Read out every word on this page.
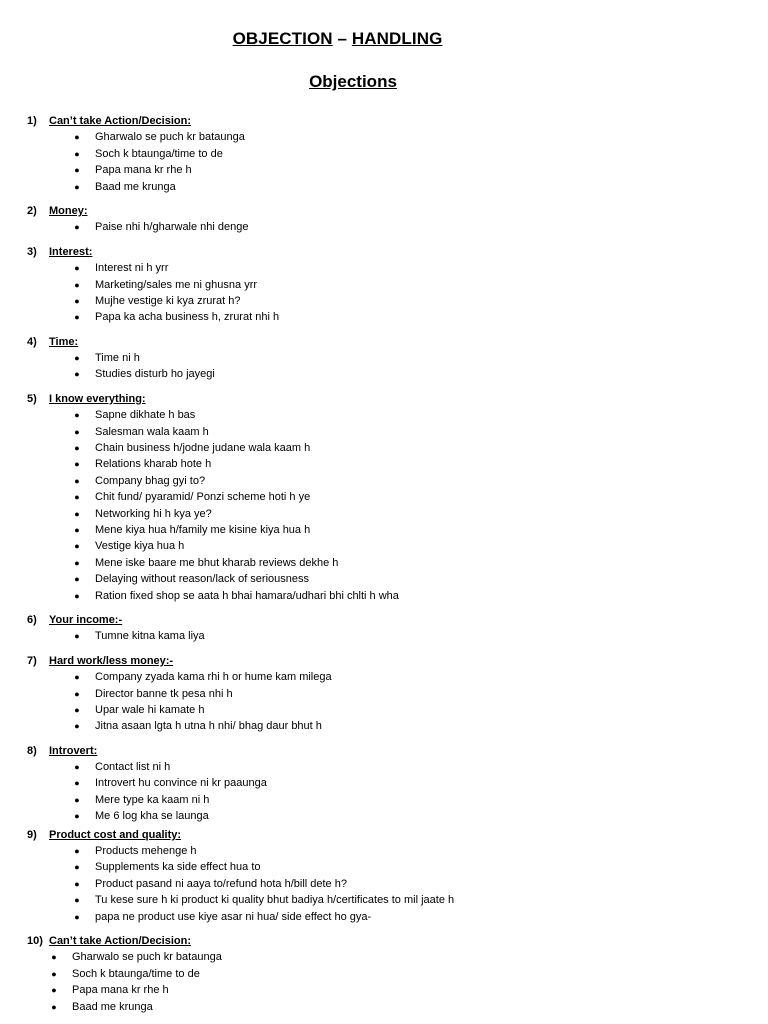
OBJECTION – HANDLING
Objections
1)	Can’t take Action/Decision:
● Gharwalo se puch kr bataunga
● Soch k btaunga/time to de
● Papa mana kr rhe h
● Baad me krunga
2)	Money:
● Paise nhi h/gharwale nhi denge
3)	Interest:
● Interest ni h yrr
● Marketing/sales me ni ghusna yrr
● Mujhe vestige ki kya zrurat h?
● Papa ka acha business h, zrurat nhi h
4)	Time:
● Time ni h
● Studies disturb ho jayegi
5)	I know everything:
● Sapne dikhate h bas
● Salesman wala kaam h
● Chain business h/jodne judane wala kaam h
● Relations kharab hote h
● Company bhag gyi to?
● Chit fund/ pyaramid/ Ponzi scheme hoti h ye
● Networking hi h kya ye?
● Mene kiya hua h/family me kisine kiya hua h
● Vestige kiya hua h
● Mene iske baare me bhut kharab reviews dekhe h
● Delaying without reason/lack of seriousness
● Ration fixed shop se aata h bhai hamara/udhari bhi chlti h wha
6)	Your income:-
● Tumne kitna kama liya
7)	Hard work/less money:-
● Company zyada kama rhi h or hume kam milega
● Director banne tk pesa nhi h
● Upar wale hi kamate h
● Jitna asaan lgta h utna h nhi/ bhag daur bhut h
8)	Introvert:
● Contact list ni h
● Introvert hu convince ni kr paaunga
● Mere type ka kaam ni h
● Me 6 log kha se launga
9)	Product cost and quality:
● Products mehenge h
● Supplements ka side effect hua to
● Product pasand ni aaya to/refund hota h/bill dete h?
● Tu kese sure h ki product ki quality bhut badiya h/certificates to mil jaate h
● papa ne product use kiye asar ni hua/ side effect ho gya-
10) Can’t take Action/Decision:
● Gharwalo se puch kr bataunga
● Soch k btaunga/time to de
● Papa mana kr rhe h
● Baad me krunga
